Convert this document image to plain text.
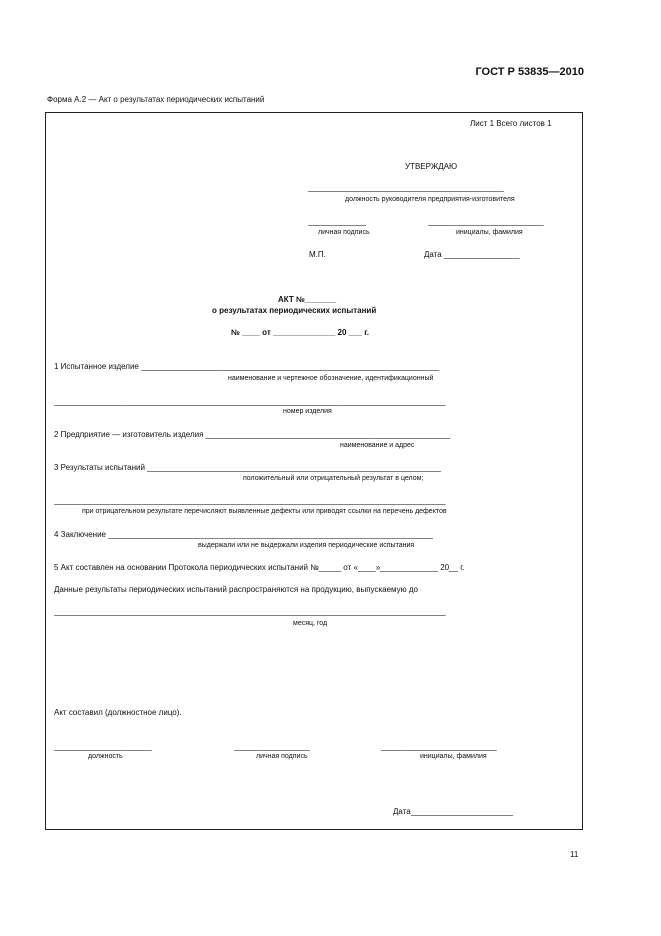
ГОСТ Р 53835—2010
Форма А.2 — Акт о результатах периодических испытаний
Лист 1 Всего листов 1
УТВЕРЖДАЮ
____________________________________________
должность руководителя предприятия-изготовителя
_____________
личная подпись
__________________________
инициалы, фамилия
М.П.	Дата _________________
АКТ №_______
о результатах периодических испытаний
№ ____ от ______________ 20 ___ г.
1 Испытанное изделие ___________________________________________________________________
наименование и чертежное обозначение, идентификационный
________________________________________________________________________________________
номер изделия
2 Предприятие — изготовитель изделия _______________________________________________________
наименование и адрес
3 Результаты испытаний __________________________________________________________________
положительный или отрицательный результат в целом;
________________________________________________________________________________________
при отрицательном результате перечисляют выявленные дефекты или приводят ссылки на перечень дефектов
4 Заключение _________________________________________________________________________
выдержали или не выдержали изделия периодические испытания
5 Акт составлен на основании Протокола периодических испытаний №_____ от «____»_____________ 20__ г.
Данные результаты периодических испытаний распространяются на продукцию, выпускаемую до
________________________________________________________________________________________
месяц, год
Акт составил (должностное лицо).
______________________
должность
_________________
личная подпись
__________________________
инициалы, фамилия
Дата_______________________
11
